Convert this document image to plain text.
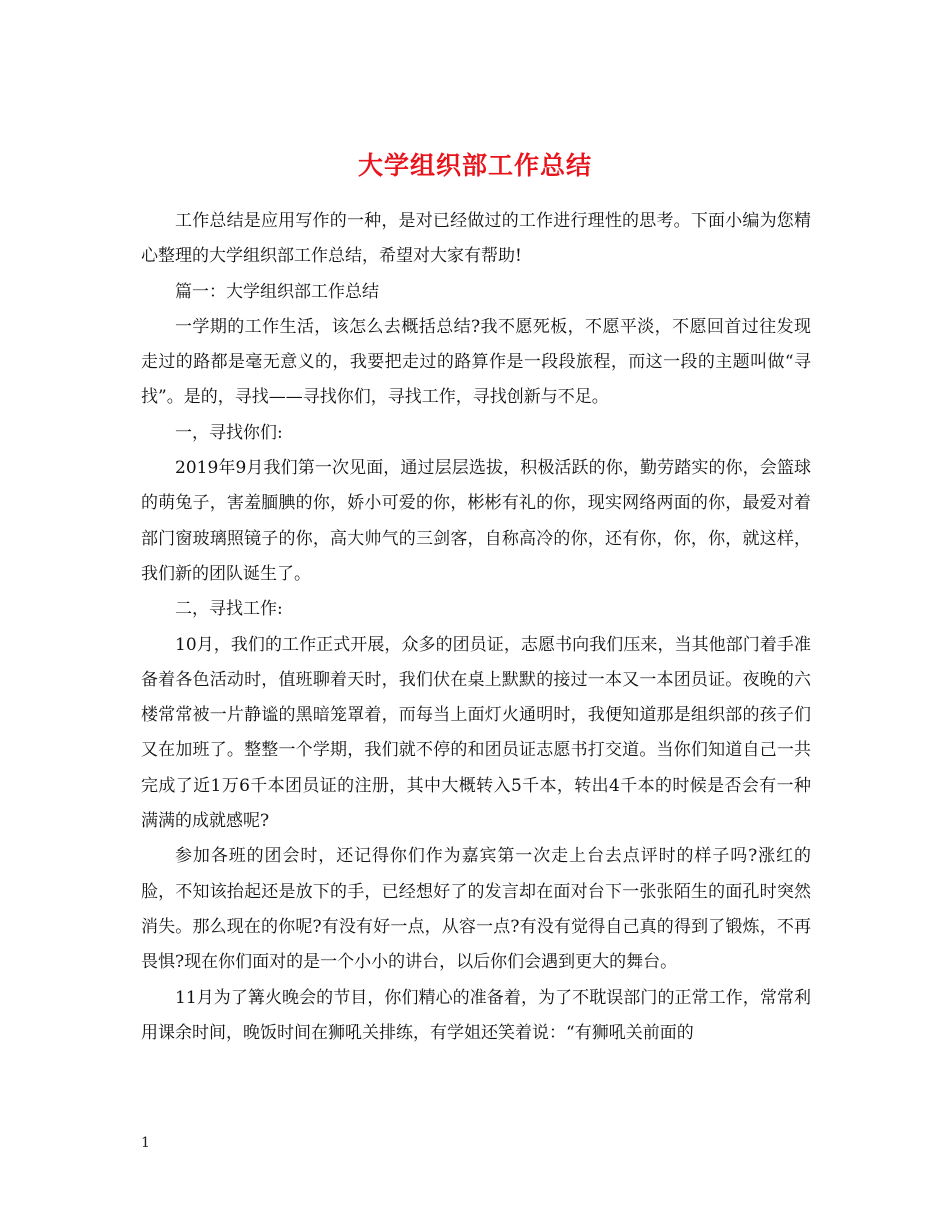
大学组织部工作总结

工作总结是应用写作的一种，是对已经做过的工作进行理性的思考。下面小编为您精心整理的大学组织部工作总结，希望对大家有帮助!

篇一：大学组织部工作总结

一学期的工作生活，该怎么去概括总结?我不愿死板，不愿平淡，不愿回首过往发现走过的路都是毫无意义的，我要把走过的路算作是一段段旅程，而这一段的主题叫做“寻找”。是的，寻找——寻找你们，寻找工作，寻找创新与不足。

一，寻找你们:

2019年9月我们第一次见面，通过层层选拔，积极活跃的你，勤劳踏实的你，会篮球的萌兔子，害羞腼腆的你，娇小可爱的你，彬彬有礼的你，现实网络两面的你，最爱对着部门窗玻璃照镜子的你，高大帅气的三剑客，自称高冷的你，还有你，你，你，就这样，我们新的团队诞生了。

二，寻找工作:

10月，我们的工作正式开展，众多的团员证，志愿书向我们压来，当其他部门着手准备着各色活动时，值班聊着天时，我们伏在桌上默默的接过一本又一本团员证。夜晚的六楼常常被一片静谧的黑暗笼罩着，而每当上面灯火通明时，我便知道那是组织部的孩子们又在加班了。整整一个学期，我们就不停的和团员证志愿书打交道。当你们知道自己一共完成了近1万6千本团员证的注册，其中大概转入5千本，转出4千本的时候是否会有一种满满的成就感呢?

参加各班的团会时，还记得你们作为嘉宾第一次走上台去点评时的样子吗?涨红的脸，不知该抬起还是放下的手，已经想好了的发言却在面对台下一张张陌生的面孔时突然消失。那么现在的你呢?有没有好一点，从容一点?有没有觉得自己真的得到了锻炼，不再畏惧?现在你们面对的是一个小小的讲台，以后你们会遇到更大的舞台。

11月为了篝火晚会的节目，你们精心的准备着，为了不耽误部门的正常工作，常常利用课余时间，晚饭时间在狮吼关排练，有学姐还笑着说：“有狮吼关前面的

1
